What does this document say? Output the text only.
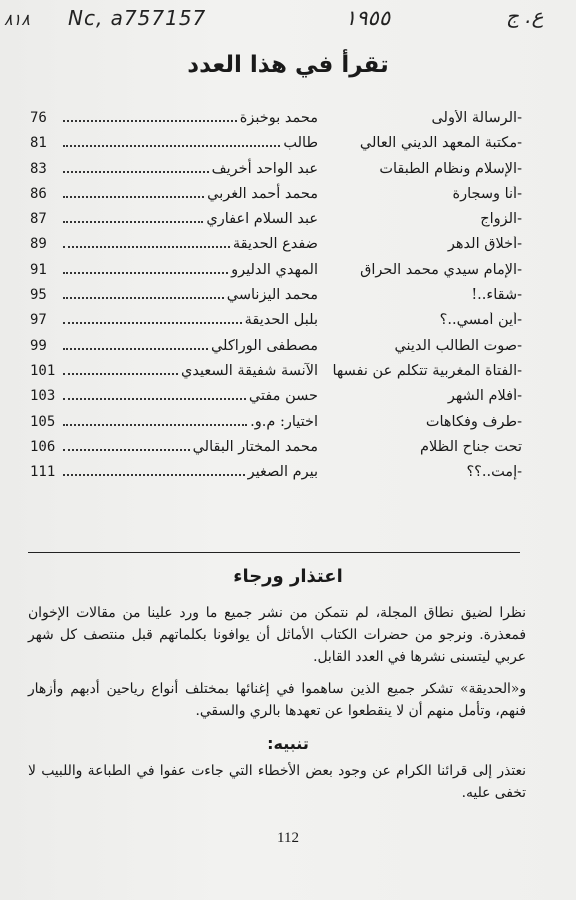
٨١٨ Nc, a757157	١٩٥٥	ع. ج
تقرأ في هذا العدد
-الرسالة الأولى
محمد بوخبزة
76
-مكتبة المعهد الديني العالي
طالب
81
-الإسلام ونظام الطبقات
عبد الواحد أخريف
83
-أنا وسجارة
محمد أحمد الغربي
86
-الزواج
عبد السلام اعفاري
87
-أخلاق الدهر
ضفدع الحديقة
89
-الإمام سيدي محمد الحراق
المهدي الدليرو
91
-شقاء..!
محمد اليزناسي
95
-أين أمسي..؟
بلبل الحديقة
97
-صوت الطالب الديني
مصطفى الوراكلي
99
-الفتاة المغربية تتكلم عن نفسها
الآنسة شفيقة السعيدي
101
-أفلام الشهر
حسن مفتي
103
-طرف وفكاهات
اختيار: م.و.
105
تحت جناح الظلام
محمد المختار البقالي
106
-إمت..؟؟
بيرم الصغير
111
اعتذار ورجاء

نظرا لضيق نطاق المجلة، لم نتمكن من نشر جميع ما ورد علينا من مقالات الإخوان فمعذرة. ونرجو من حضرات الكتاب الأماثل أن يوافونا بكلماتهم قبل منتصف كل شهر عربي ليتسنى نشرها في العدد القابل.

و«الحديقة» تشكر جميع الذين ساهموا في إغنائها بمختلف أنواع رياحين أدبهم وأزهار فنهم، وتأمل منهم أن لا ينقطعوا عن تعهدها بالري والسقي.

تنبيه:

نعتذر إلى قرائنا الكرام عن وجود بعض الأخطاء التي جاءت عفوا في الطباعة واللبيب لا تخفى عليه.

112
